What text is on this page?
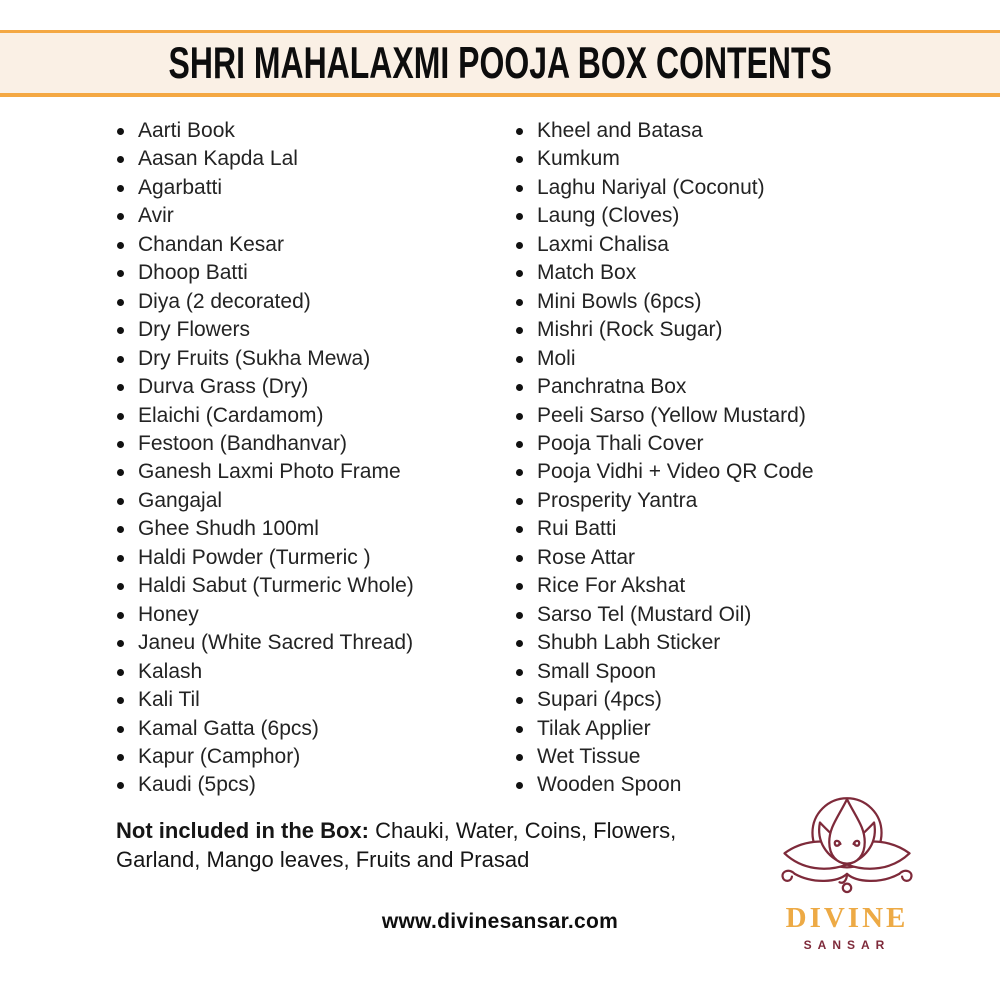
SHRI MAHALAXMI POOJA BOX CONTENTS
Aarti Book
Aasan Kapda Lal
Agarbatti
Avir
Chandan Kesar
Dhoop Batti
Diya (2 decorated)
Dry Flowers
Dry Fruits (Sukha Mewa)
Durva Grass (Dry)
Elaichi (Cardamom)
Festoon (Bandhanvar)
Ganesh Laxmi Photo Frame
Gangajal
Ghee Shudh 100ml
Haldi Powder (Turmeric )
Haldi Sabut (Turmeric Whole)
Honey
Janeu (White Sacred Thread)
Kalash
Kali Til
Kamal Gatta (6pcs)
Kapur (Camphor)
Kaudi (5pcs)
Kheel and Batasa
Kumkum
Laghu Nariyal (Coconut)
Laung (Cloves)
Laxmi Chalisa
Match Box
Mini Bowls (6pcs)
Mishri (Rock Sugar)
Moli
Panchratna Box
Peeli Sarso (Yellow Mustard)
Pooja Thali Cover
Pooja Vidhi + Video QR Code
Prosperity Yantra
Rui Batti
Rose Attar
Rice For Akshat
Sarso Tel (Mustard Oil)
Shubh Labh Sticker
Small Spoon
Supari (4pcs)
Tilak Applier
Wet Tissue
Wooden Spoon
Not included in the Box: Chauki, Water, Coins, Flowers, Garland, Mango leaves, Fruits and Prasad
www.divinesansar.com	DIVINE
SANSAR
